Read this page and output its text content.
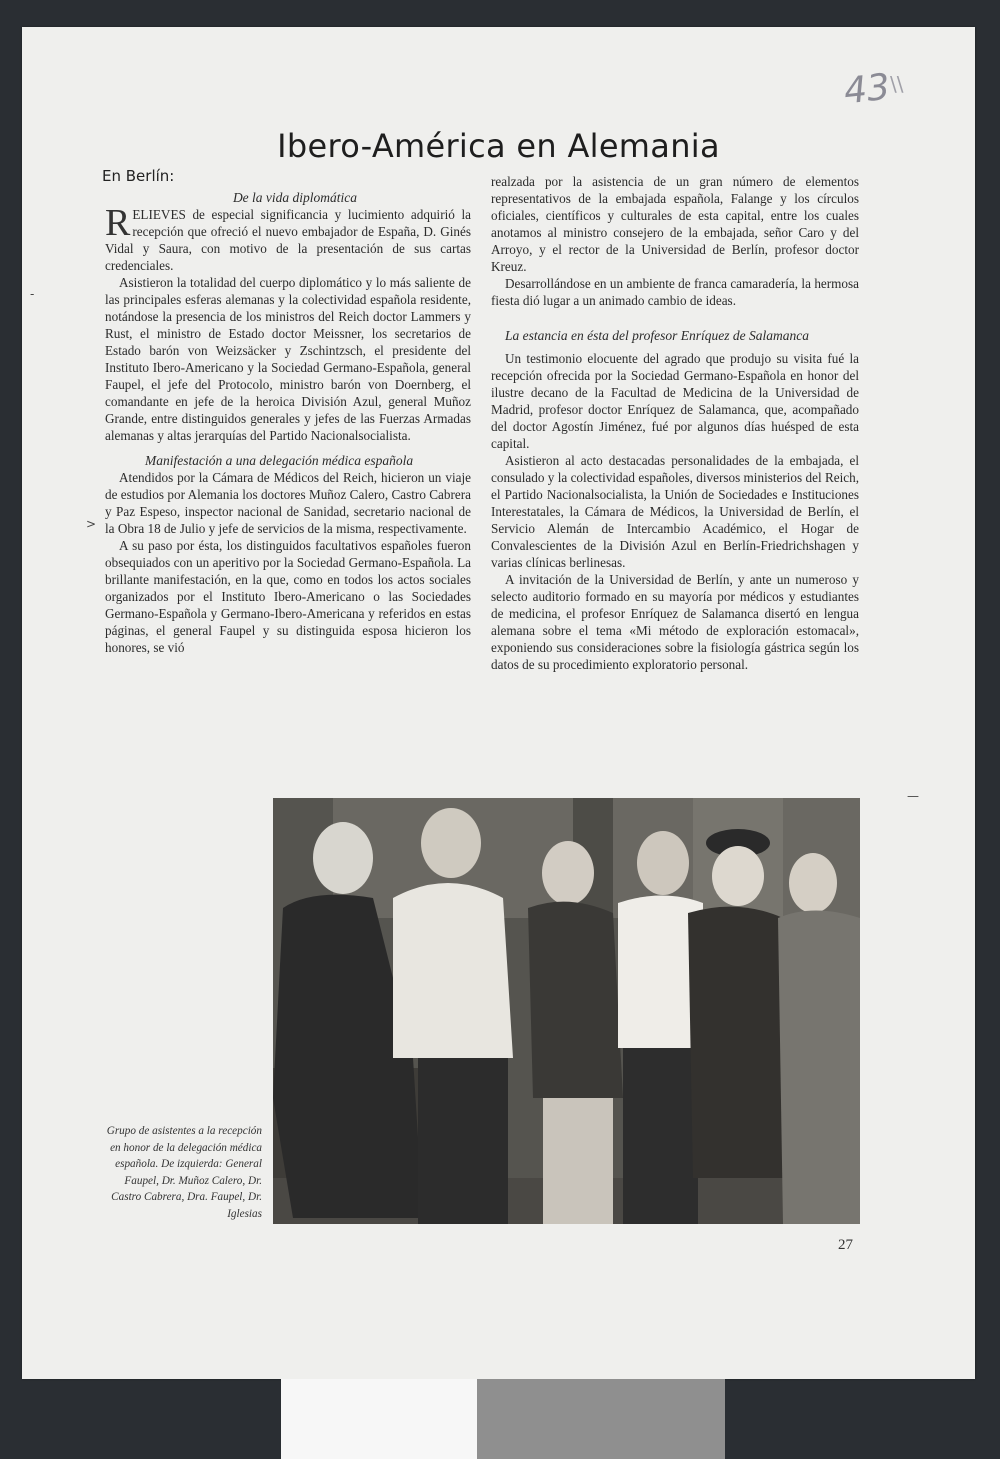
43
\\
Ibero-América en Alemania
En Berlín:

De la vida diplomática

RELIEVES de especial significancia y lucimiento adquirió la recepción que ofreció el nuevo embajador de España, D. Ginés Vidal y Saura, con motivo de la presentación de sus cartas credenciales.

Asistieron la totalidad del cuerpo diplomático y lo más saliente de las principales esferas alemanas y la colectividad española residente, notándose la presencia de los ministros del Reich doctor Lammers y Rust, el ministro de Estado doctor Meissner, los secretarios de Estado barón von Weizsäcker y Zschintzsch, el presidente del Instituto Ibero-Americano y la Sociedad Germano-Española, general Faupel, el jefe del Protocolo, ministro barón von Doernberg, el comandante en jefe de la heroica División Azul, general Muñoz Grande, entre distinguidos generales y jefes de las Fuerzas Armadas alemanas y altas jerarquías del Partido Nacionalsocialista.

Manifestación a una delegación médica española

Atendidos por la Cámara de Médicos del Reich, hicieron un viaje de estudios por Alemania los doctores Muñoz Calero, Castro Cabrera y Paz Espeso, inspector nacional de Sanidad, secretario nacional de la Obra 18 de Julio y jefe de servicios de la misma, respectivamente.

A su paso por ésta, los distinguidos facultativos españoles fueron obsequiados con un aperitivo por la Sociedad Germano-Española. La brillante manifestación, en la que, como en todos los actos sociales organizados por el Instituto Ibero-Americano o las Sociedades Germano-Española y Germano-Ibero-Americana y referidos en estas páginas, el general Faupel y su distinguida esposa hicieron los honores, se vió

realzada por la asistencia de un gran número de elementos representativos de la embajada española, Falange y los círculos oficiales, científicos y culturales de esta capital, entre los cuales anotamos al ministro consejero de la embajada, señor Caro y del Arroyo, y el rector de la Universidad de Berlín, profesor doctor Kreuz.

Desarrollándose en un ambiente de franca camaradería, la hermosa fiesta dió lugar a un animado cambio de ideas.

La estancia en ésta del profesor Enríquez de Salamanca

Un testimonio elocuente del agrado que produjo su visita fué la recepción ofrecida por la Sociedad Germano-Española en honor del ilustre decano de la Facultad de Medicina de la Universidad de Madrid, profesor doctor Enríquez de Salamanca, que, acompañado del doctor Agostín Jiménez, fué por algunos días huésped de esta capital.

Asistieron al acto destacadas personalidades de la embajada, el consulado y la colectividad españoles, diversos ministerios del Reich, el Partido Nacionalsocialista, la Unión de Sociedades e Instituciones Interestatales, la Cámara de Médicos, la Universidad de Berlín, el Servicio Alemán de Intercambio Académico, el Hogar de Convalescientes de la División Azul en Berlín-Friedrichshagen y varias clínicas berlinesas.

A invitación de la Universidad de Berlín, y ante un numeroso y selecto auditorio formado en su mayoría por médicos y estudiantes de medicina, el profesor Enríquez de Salamanca disertó en lengua alemana sobre el tema «Mi método de exploración estomacal», exponiendo sus consideraciones sobre la fisiología gástrica según los datos de su procedimiento exploratorio personal.

Grupo de asistentes a la recepción en honor de la delegación médica española. De izquierda: General Faupel, Dr. Muñoz Calero, Dr. Castro Cabrera, Dra. Faupel, Dr. Iglesias
27
-
>
—
